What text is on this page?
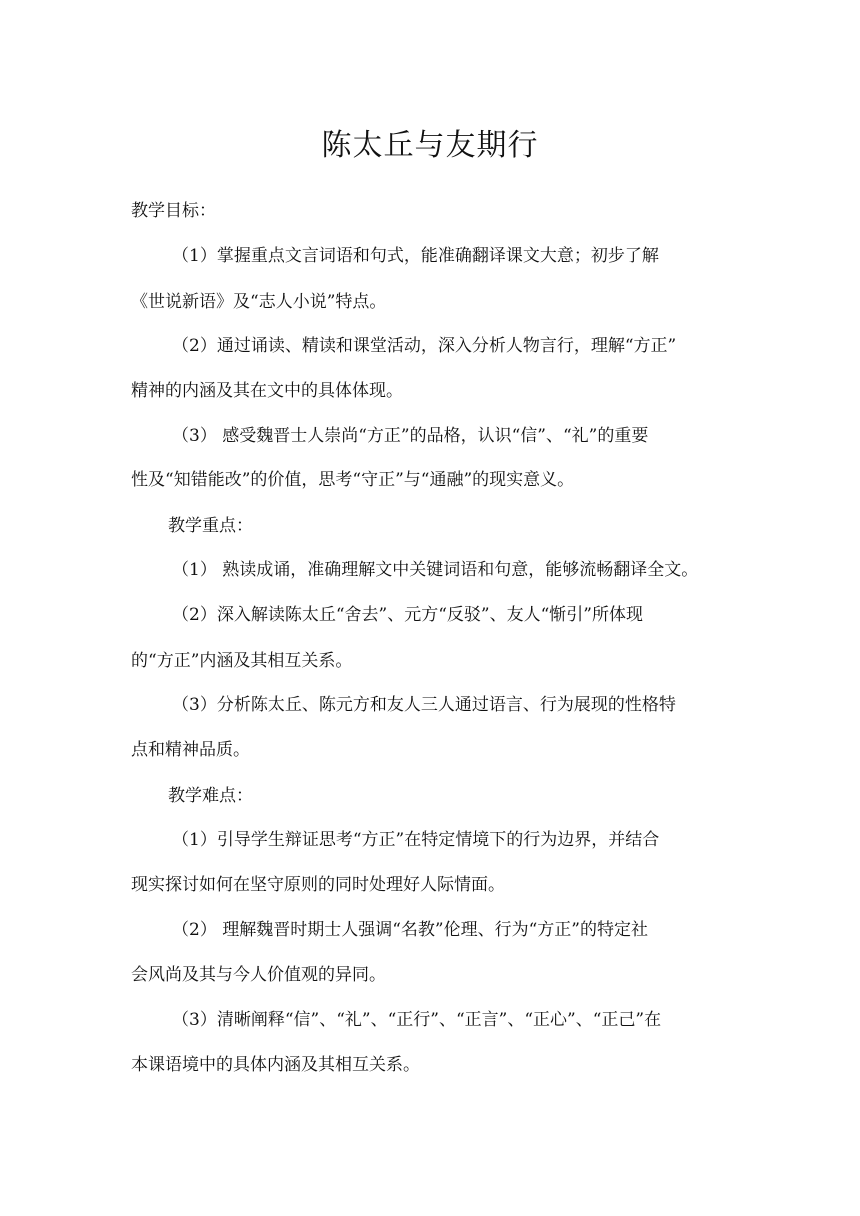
陈太丘与友期行
教学目标：
（1）掌握重点文言词语和句式，能准确翻译课文大意；初步了解
《世说新语》及“志人小说”特点。
（2）通过诵读、精读和课堂活动，深入分析人物言行，理解“方正”
精神的内涵及其在文中的具体体现。
（3） 感受魏晋士人崇尚“方正”的品格，认识“信”、“礼”的重要
性及“知错能改”的价值，思考“守正”与“通融”的现实意义。
教学重点：
（1） 熟读成诵，准确理解文中关键词语和句意，能够流畅翻译全文。
（2）深入解读陈太丘“舍去”、元方“反驳”、友人“惭引”所体现
的“方正”内涵及其相互关系。
（3）分析陈太丘、陈元方和友人三人通过语言、行为展现的性格特
点和精神品质。
教学难点：
（1）引导学生辩证思考“方正”在特定情境下的行为边界，并结合
现实探讨如何在坚守原则的同时处理好人际情面。
（2） 理解魏晋时期士人强调“名教”伦理、行为“方正”的特定社
会风尚及其与今人价值观的异同。
（3）清晰阐释“信”、“礼”、“正行”、“正言”、“正心”、“正己”在
本课语境中的具体内涵及其相互关系。
